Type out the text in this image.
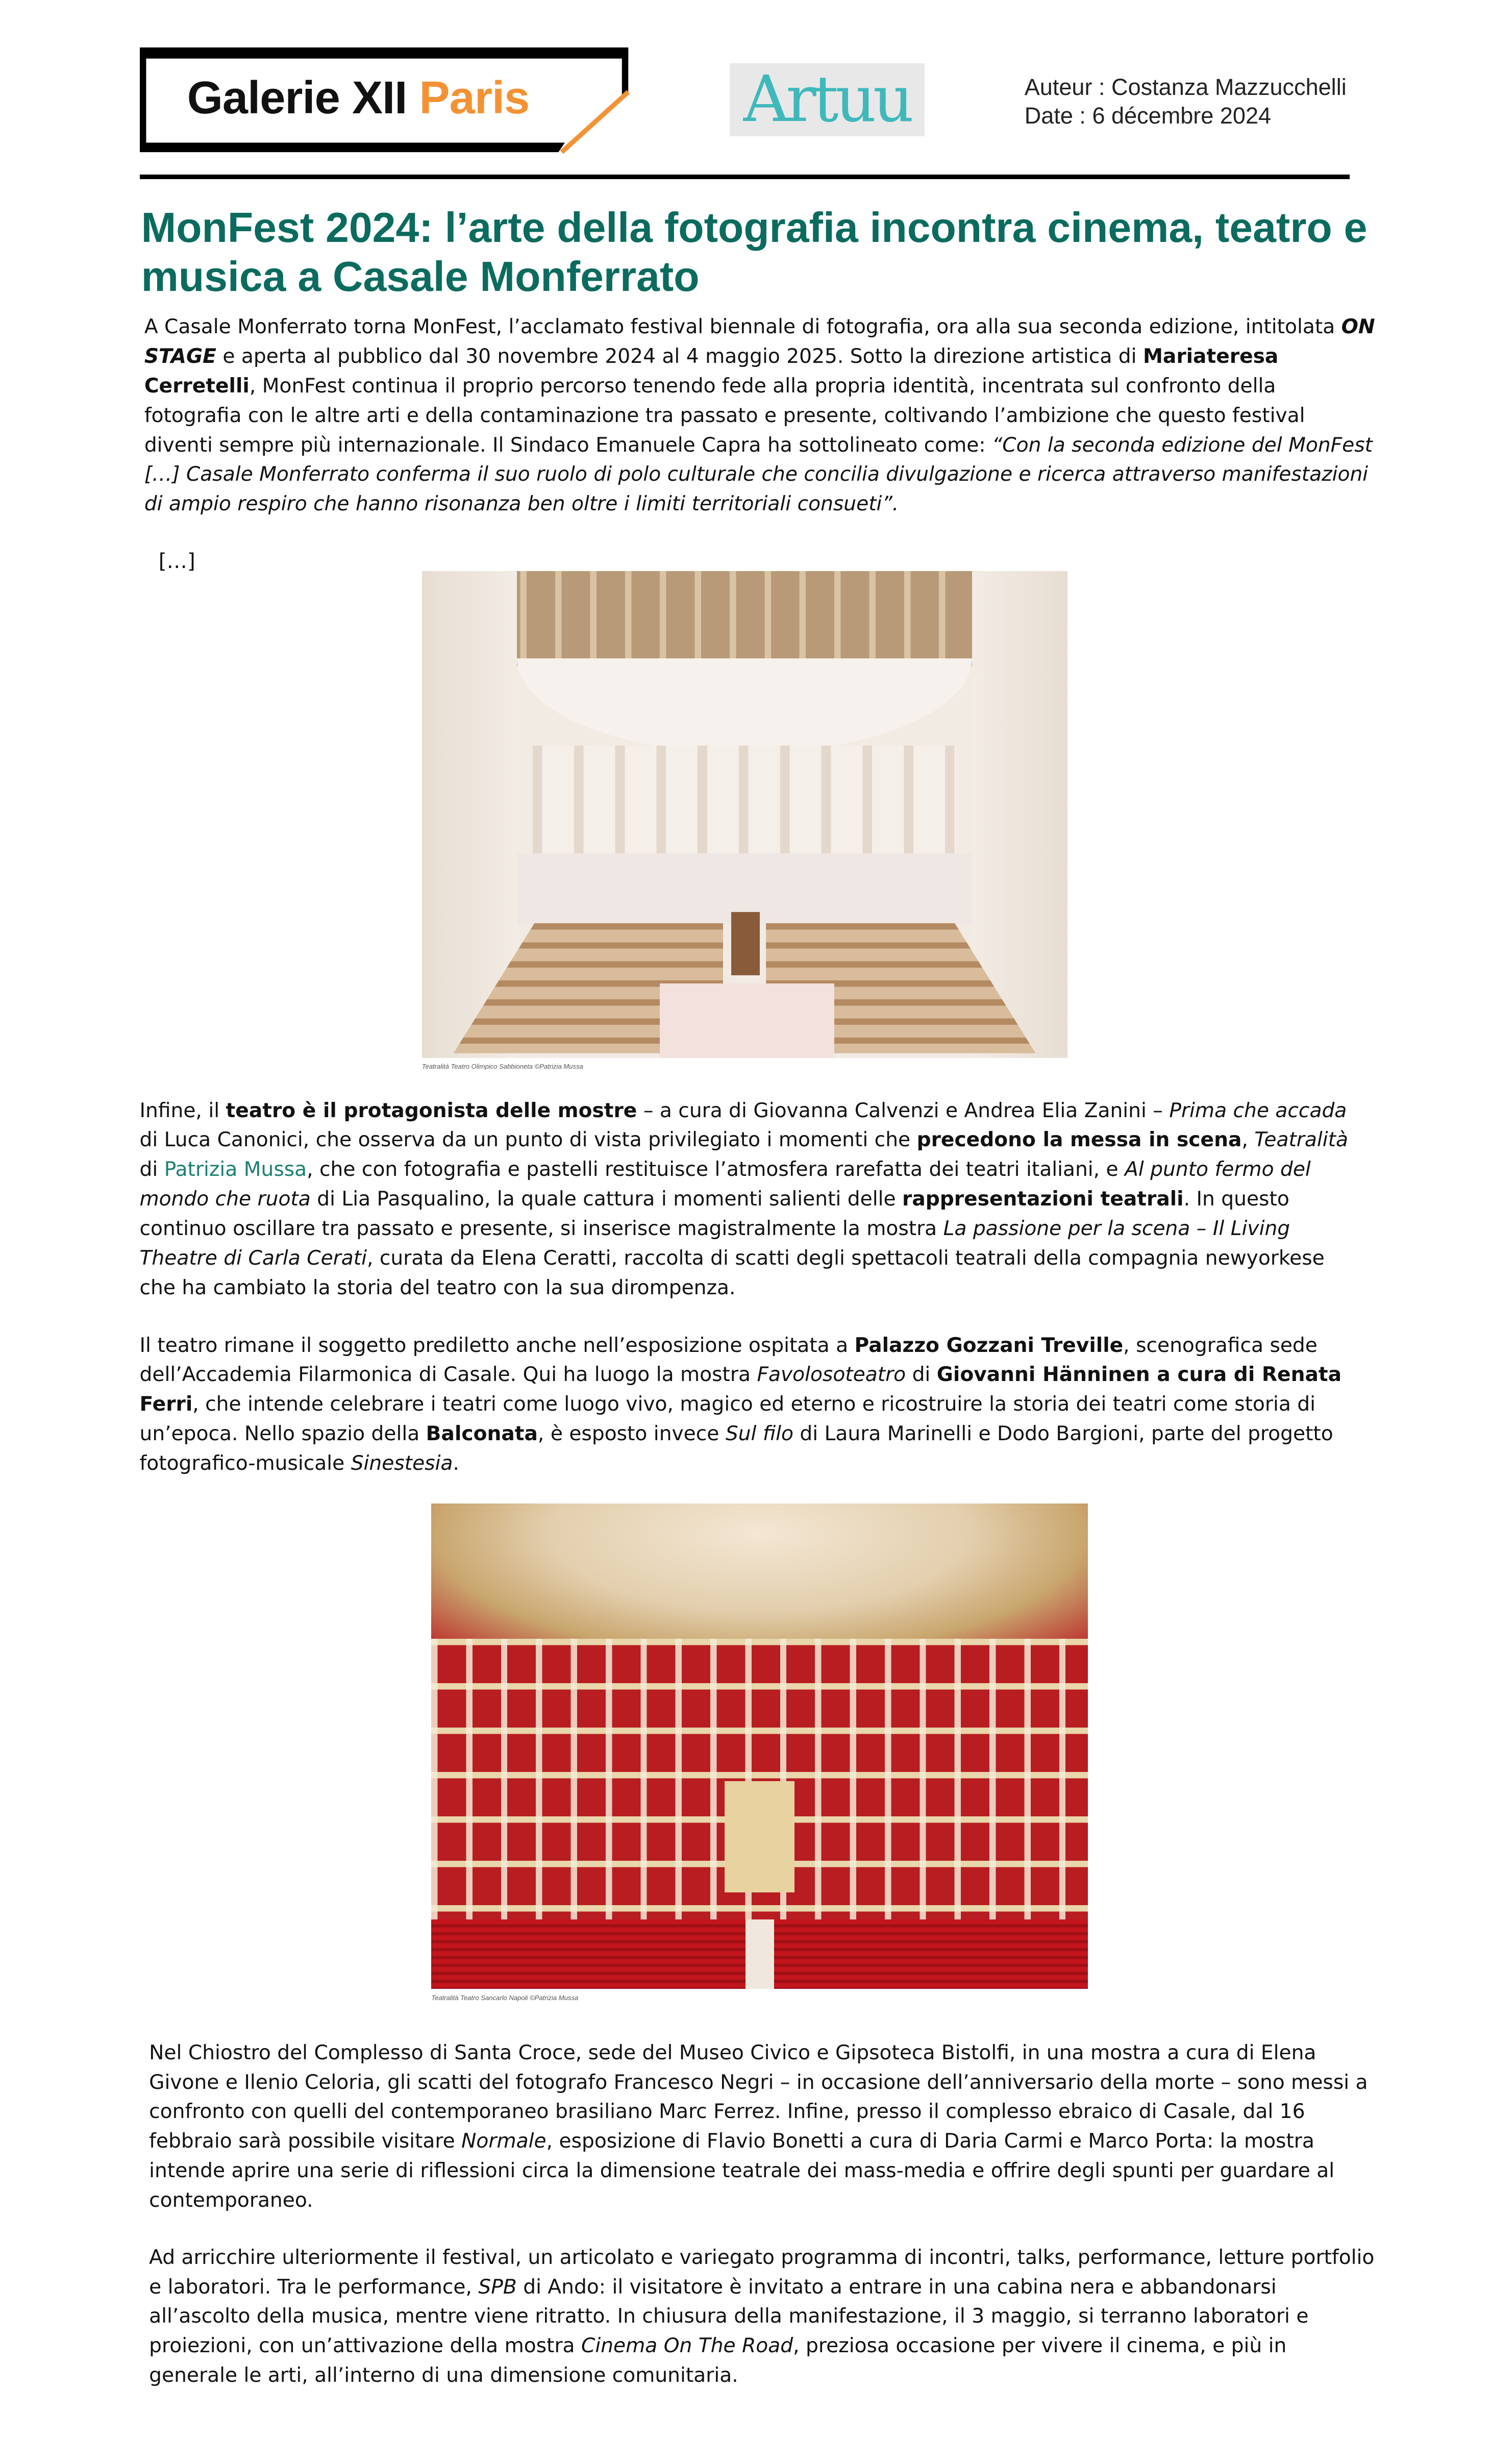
Galerie XII Paris	Artuu	Auteur : Costanza Mazzucchelli
Date : 6 décembre 2024
MonFest 2024: l’arte della fotografia incontra cinema, teatro e musica a Casale Monferrato

A Casale Monferrato torna MonFest, l’acclamato festival biennale di fotografia, ora alla sua seconda edizione, intitolata ON STAGE e aperta al pubblico dal 30 novembre 2024 al 4 maggio 2025. Sotto la direzione artistica di Mariateresa Cerretelli, MonFest continua il proprio percorso tenendo fede alla propria identità, incentrata sul confronto della fotografia con le altre arti e della contaminazione tra passato e presente, coltivando l’ambizione che questo festival diventi sempre più internazionale. Il Sindaco Emanuele Capra ha sottolineato come: “Con la seconda edizione del MonFest […] Casale Monferrato conferma il suo ruolo di polo culturale che concilia divulgazione e ricerca attraverso manifestazioni di ampio respiro che hanno risonanza ben oltre i limiti territoriali consueti”.

[…]
Teatralità Teatro Olimpico Sabbioneta ©Patrizia Mussa

Infine, il teatro è il protagonista delle mostre – a cura di Giovanna Calvenzi e Andrea Elia Zanini – Prima che accada di Luca Canonici, che osserva da un punto di vista privilegiato i momenti che precedono la messa in scena, Teatralità di Patrizia Mussa, che con fotografia e pastelli restituisce l’atmosfera rarefatta dei teatri italiani, e Al punto fermo del mondo che ruota di Lia Pasqualino, la quale cattura i momenti salienti delle rappresentazioni teatrali. In questo continuo oscillare tra passato e presente, si inserisce magistralmente la mostra La passione per la scena – Il Living Theatre di Carla Cerati, curata da Elena Ceratti, raccolta di scatti degli spettacoli teatrali della compagnia newyorkese che ha cambiato la storia del teatro con la sua dirompenza.

Il teatro rimane il soggetto prediletto anche nell’esposizione ospitata a Palazzo Gozzani Treville, scenografica sede dell’Accademia Filarmonica di Casale. Qui ha luogo la mostra Favolosoteatro di Giovanni Hänninen a cura di Renata Ferri, che intende celebrare i teatri come luogo vivo, magico ed eterno e ricostruire la storia dei teatri come storia di un’epoca. Nello spazio della Balconata, è esposto invece Sul filo di Laura Marinelli e Dodo Bargioni, parte del progetto fotografico-musicale Sinestesia.

Teatralità Teatro Sancarlo Napoli ©Patrizia Mussa

Nel Chiostro del Complesso di Santa Croce, sede del Museo Civico e Gipsoteca Bistolfi, in una mostra a cura di Elena Givone e Ilenio Celoria, gli scatti del fotografo Francesco Negri – in occasione dell’anniversario della morte – sono messi a confronto con quelli del contemporaneo brasiliano Marc Ferrez. Infine, presso il complesso ebraico di Casale, dal 16 febbraio sarà possibile visitare Normale, esposizione di Flavio Bonetti a cura di Daria Carmi e Marco Porta: la mostra intende aprire una serie di riflessioni circa la dimensione teatrale dei mass-media e offrire degli spunti per guardare al contemporaneo.

Ad arricchire ulteriormente il festival, un articolato e variegato programma di incontri, talks, performance, letture portfolio e laboratori. Tra le performance, SPB di Ando: il visitatore è invitato a entrare in una cabina nera e abbandonarsi all’ascolto della musica, mentre viene ritratto. In chiusura della manifestazione, il 3 maggio, si terranno laboratori e proiezioni, con un’attivazione della mostra Cinema On The Road, preziosa occasione per vivere il cinema, e più in generale le arti, all’interno di una dimensione comunitaria.
